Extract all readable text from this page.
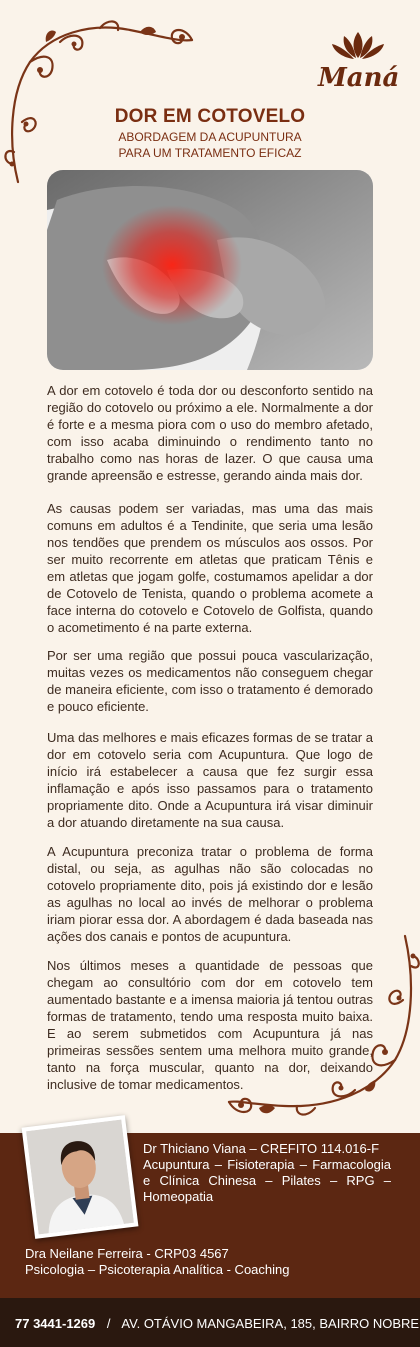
Maná
DOR EM COTOVELO
ABORDAGEM DA ACUPUNTURA
PARA UM TRATAMENTO EFICAZ
A dor em cotovelo é toda dor ou desconforto sentido na região do cotovelo ou próximo a ele. Normalmente a dor é forte e a mesma piora com o uso do membro afetado, com isso acaba diminuindo o rendimento tanto no trabalho como nas horas de lazer. O que causa uma grande apreensão e estresse, gerando ainda mais dor.
As causas podem ser variadas, mas uma das mais comuns em adultos é a Tendinite, que seria uma lesão nos tendões que prendem os músculos aos ossos. Por ser muito recorrente em atletas que praticam Tênis e em atletas que jogam golfe, costumamos apelidar a dor de Cotovelo de Tenista, quando o problema acomete a face interna do cotovelo e Cotovelo de Golfista, quando o acometimento é na parte externa.
Por ser uma região que possui pouca vascularização, muitas vezes os medicamentos não conseguem chegar de maneira eficiente, com isso o tratamento é demorado e pouco eficiente.
Uma das melhores e mais eficazes formas de se tratar a dor em cotovelo seria com Acupuntura. Que logo de início irá estabelecer a causa que fez surgir essa inflamação e após isso passamos para o tratamento propriamente dito. Onde a Acupuntura irá visar diminuir a dor atuando diretamente na sua causa.
A Acupuntura preconiza tratar o problema de forma distal, ou seja, as agulhas não são colocadas no cotovelo propriamente dito, pois já existindo dor e lesão as agulhas no local ao invés de melhorar o problema iriam piorar essa dor. A abordagem é dada baseada nas ações dos canais e pontos de acupuntura.
Nos últimos meses a quantidade de pessoas que chegam ao consultório com dor em cotovelo tem aumentado bastante e a imensa maioria já tentou outras formas de tratamento, tendo uma resposta muito baixa. E ao serem submetidos com Acupuntura já nas primeiras sessões sentem uma melhora muito grande, tanto na força muscular, quanto na dor, deixando inclusive de tomar medicamentos.
Dr Thiciano Viana – CREFITO 114.016-F
Acupuntura – Fisioterapia – Farmacologia e Clínica Chinesa – Pilates – RPG – Homeopatia
Dra Neilane Ferreira - CRP03 4567
Psicologia – Psicoterapia Analítica - Coaching
77 3441-1269 / AV. OTÁVIO MANGABEIRA, 185, BAIRRO NOBRE
